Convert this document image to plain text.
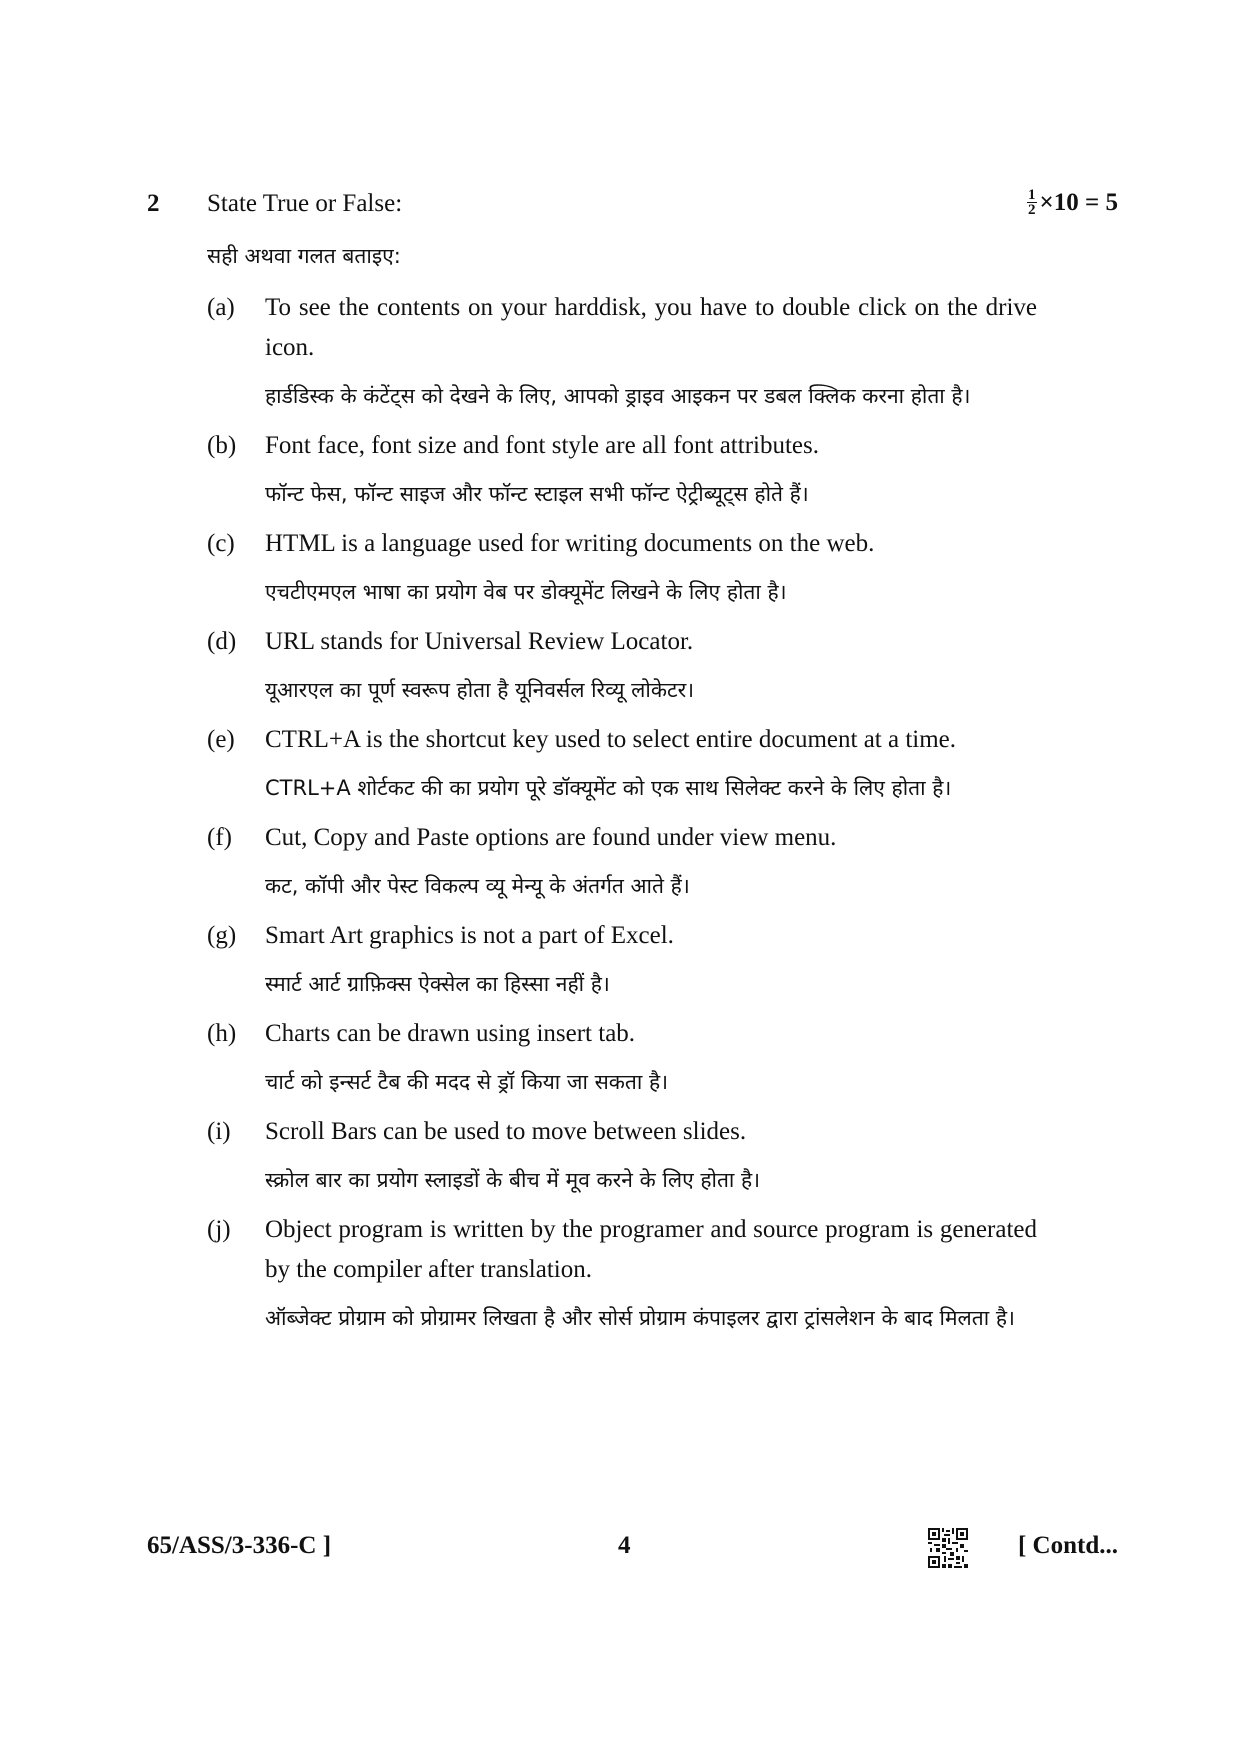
2 State True or False:
सही अथवा गलत बताइए:
$\frac{1}{2} \times 10 = 5$
(a)	To see the contents on your harddisk, you have to double click on the drive icon.
हार्डडिस्क के कंटेंट्स को देखने के लिए, आपको ड्राइव आइकन पर डबल क्लिक करना होता है।
(b)	Font face, font size and font style are all font attributes.
फॉन्ट फेस, फॉन्ट साइज और फॉन्ट स्टाइल सभी फॉन्ट ऐट्रीब्यूट्स होते हैं।
(c)	HTML is a language used for writing documents on the web.
एचटीएमएल भाषा का प्रयोग वेब पर डोक्यूमेंट लिखने के लिए होता है।
(d)	URL stands for Universal Review Locator.
यूआरएल का पूर्ण स्वरूप होता है यूनिवर्सल रिव्यू लोकेटर।
(e)	CTRL+A is the shortcut key used to select entire document at a time.
CTRL+A शोर्टकट की का प्रयोग पूरे डॉक्यूमेंट को एक साथ सिलेक्ट करने के लिए होता है।
(f)	Cut, Copy and Paste options are found under view menu.
कट, कॉपी और पेस्ट विकल्प व्यू मेन्यू के अंतर्गत आते हैं।
(g)	Smart Art graphics is not a part of Excel.
स्मार्ट आर्ट ग्राफ़िक्स ऐक्सेल का हिस्सा नहीं है।
(h)	Charts can be drawn using insert tab.
चार्ट को इन्सर्ट टैब की मदद से ड्रॉ किया जा सकता है।
(i)	Scroll Bars can be used to move between slides.
स्क्रोल बार का प्रयोग स्लाइडों के बीच में मूव करने के लिए होता है।
(j)	Object program is written by the programer and source program is generated by the compiler after translation.
ऑब्जेक्ट प्रोग्राम को प्रोग्रामर लिखता है और सोर्स प्रोग्राम कंपाइलर द्वारा ट्रांसलेशन के बाद मिलता है।
65/ASS/3-336-C ]	4	[ Contd...
